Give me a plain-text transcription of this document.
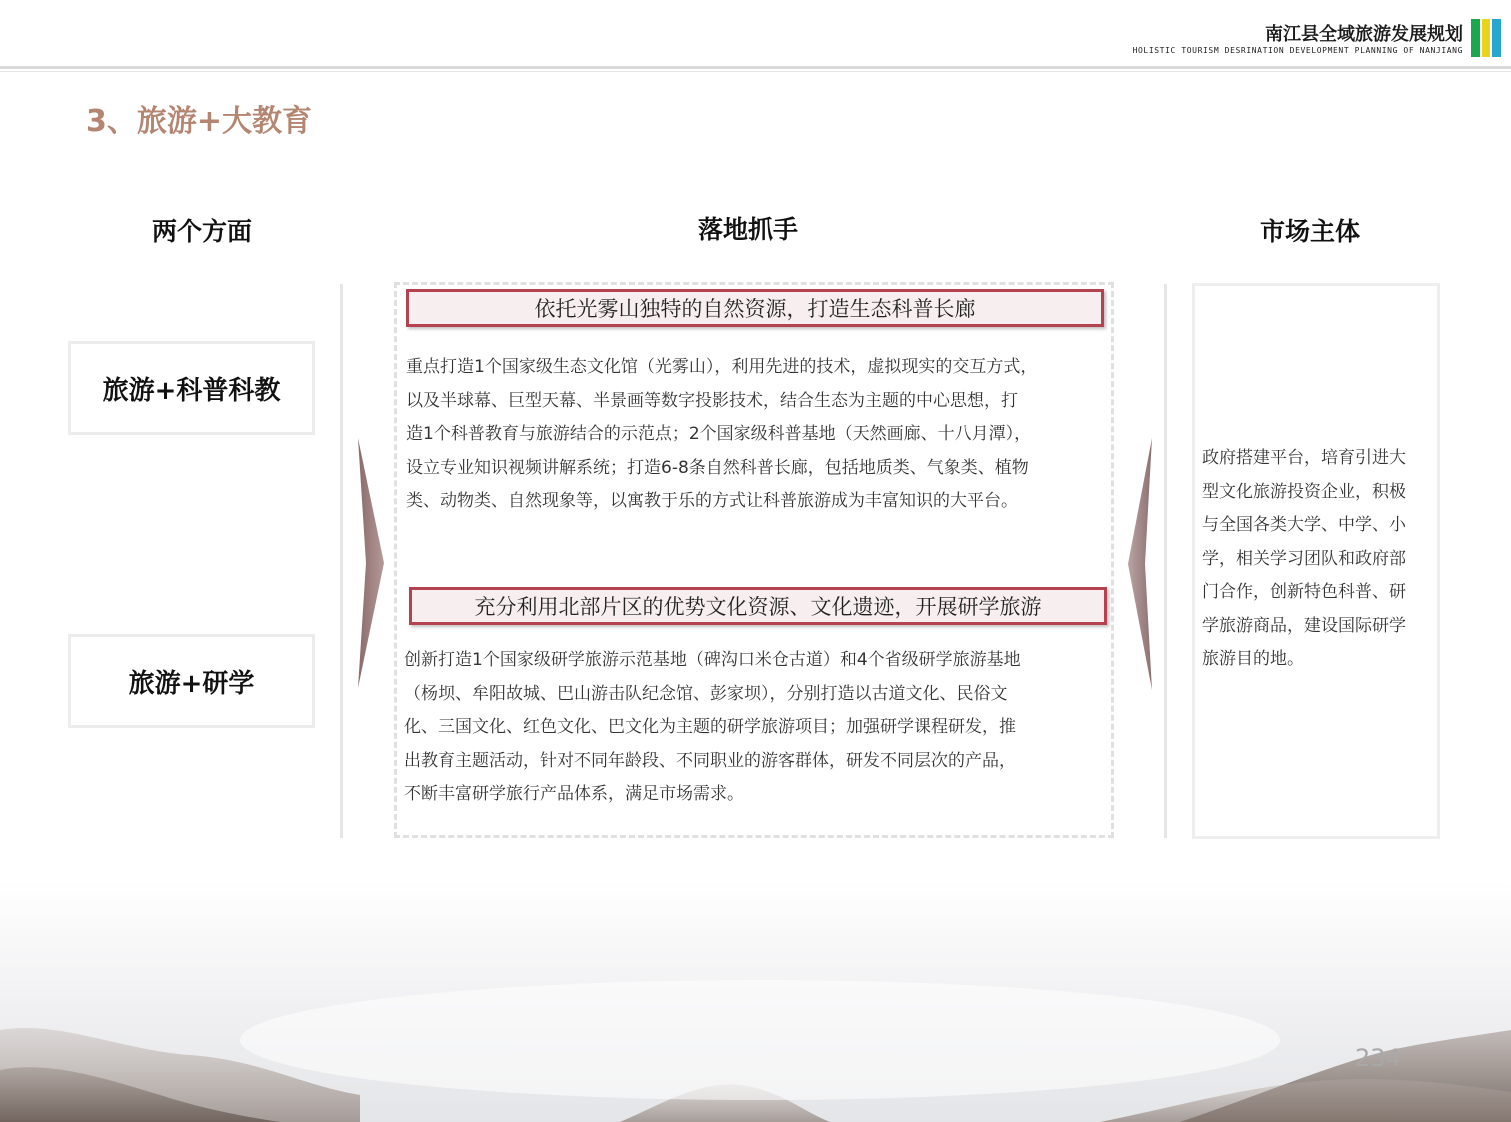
南江县全域旅游发展规划
HOLISTIC TOURISM DESRINATION DEVELOPMENT PLANNING OF NANJIANG
3、旅游+大教育
两个方面	落地抓手	市场主体
旅游+科普科教
旅游+研学
依托光雾山独特的自然资源，打造生态科普长廊
重点打造1个国家级生态文化馆（光雾山），利用先进的技术，虚拟现实的交互方式，
以及半球幕、巨型天幕、半景画等数字投影技术，结合生态为主题的中心思想，打
造1个科普教育与旅游结合的示范点；2个国家级科普基地（天然画廊、十八月潭），
设立专业知识视频讲解系统；打造6-8条自然科普长廊，包括地质类、气象类、植物
类、动物类、自然现象等，以寓教于乐的方式让科普旅游成为丰富知识的大平台。
充分利用北部片区的优势文化资源、文化遗迹，开展研学旅游
创新打造1个国家级研学旅游示范基地（碑沟口米仓古道）和4个省级研学旅游基地
（杨坝、牟阳故城、巴山游击队纪念馆、彭家坝），分别打造以古道文化、民俗文
化、三国文化、红色文化、巴文化为主题的研学旅游项目；加强研学课程研发，推
出教育主题活动，针对不同年龄段、不同职业的游客群体，研发不同层次的产品，
不断丰富研学旅行产品体系，满足市场需求。
政府搭建平台，培育引进大
型文化旅游投资企业，积极
与全国各类大学、中学、小
学，相关学习团队和政府部
门合作，创新特色科普、研
学旅游商品，建设国际研学
旅游目的地。
234
